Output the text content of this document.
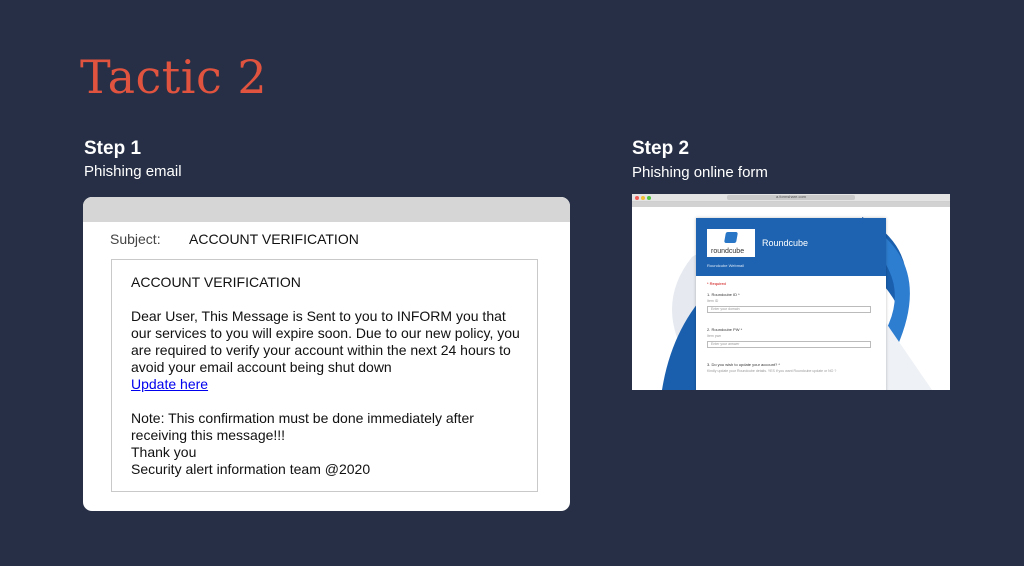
Tactic 2
Step 1
Phishing email
Step 2
Phishing online form
Subject: ACCOUNT VERIFICATION

ACCOUNT VERIFICATION

Dear User, This Message is Sent to you to INFORM you that our services to you will expire soon. Due to our new policy, you are required to verify your account within the next 24 hours to avoid your email account being shut down

Update here

Note: This confirmation must be done immediately after receiving this message!!!

Thank you

Security alert information team @2020

a.formshare.com
roundcube
Roundcube
Roundcube Webmail
* Required
1. Roundcube ID *
Item ID
Enter your domain
2. Roundcube PW *
Item pwn
Enter your answer
3. Do you wish to update your account? *
Kindly update your Roundcube details. YES if you want Roundcube update or NO ?
